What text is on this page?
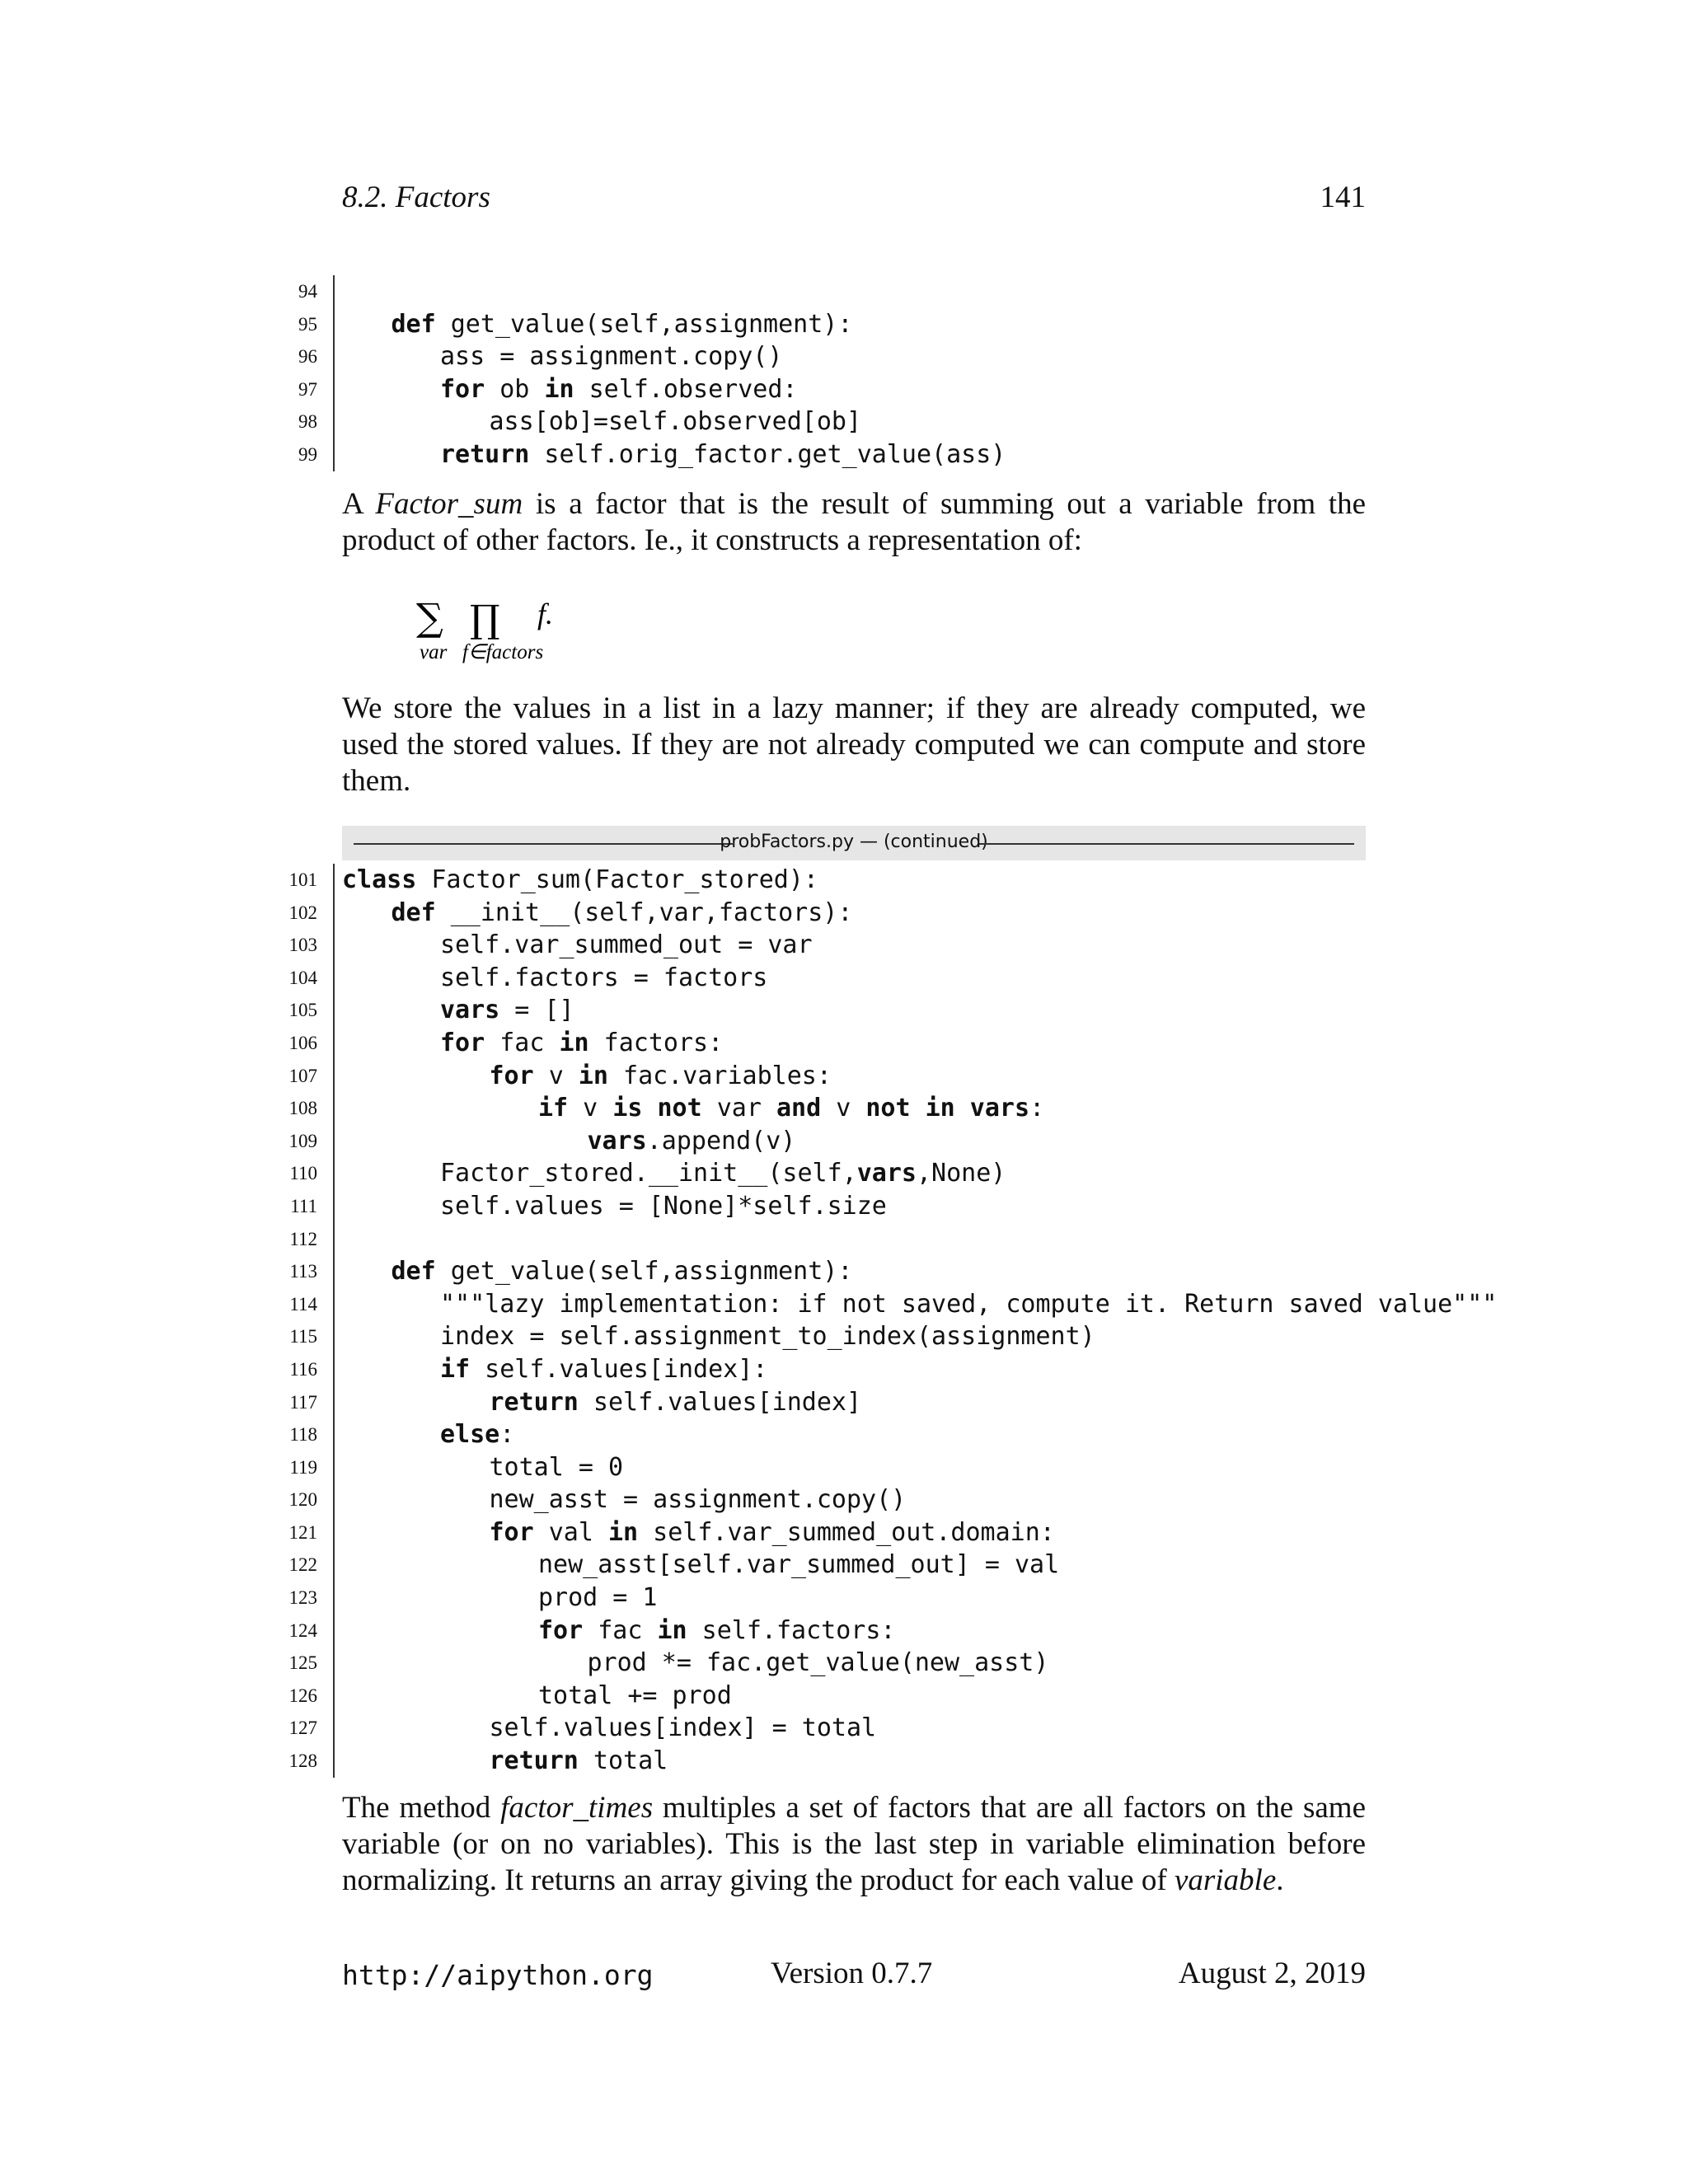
8.2. Factors	141
94
95	def get_value(self,assignment):
96	ass = assignment.copy()
97	for ob in self.observed:
98	ass[ob]=self.observed[ob]
99	return self.orig_factor.get_value(ass)
A Factor_sum is a factor that is the result of summing out a variable from the product of other factors. Ie., it constructs a representation of:
∑ ∏ f.
var f∈factors
We store the values in a list in a lazy manner; if they are already computed, we used the stored values. If they are not already computed we can compute and store them.
probFactors.py — (continued)
101 class Factor_sum(Factor_stored):
102	def __init__(self,var,factors):
103	self.var_summed_out = var
104	self.factors = factors
105	vars = []
106	for fac in factors:
107	for v in fac.variables:
108	if v is not var and v not in vars:
109	vars.append(v)
110	Factor_stored.__init__(self,vars,None)
111	self.values = [None]*self.size
112
113	def get_value(self,assignment):
114	"""lazy implementation: if not saved, compute it. Return saved value"""
115	index = self.assignment_to_index(assignment)
116	if self.values[index]:
117	return self.values[index]
118	else:
119	total = 0
120	new_asst = assignment.copy()
121	for val in self.var_summed_out.domain:
122	new_asst[self.var_summed_out] = val
123	prod = 1
124	for fac in self.factors:
125	prod *= fac.get_value(new_asst)
126	total += prod
127	self.values[index] = total
128	return total
The method factor_times multiples a set of factors that are all factors on the same variable (or on no variables). This is the last step in variable elimination before normalizing. It returns an array giving the product for each value of variable.
http://aipython.org	Version 0.7.7	August 2, 2019
